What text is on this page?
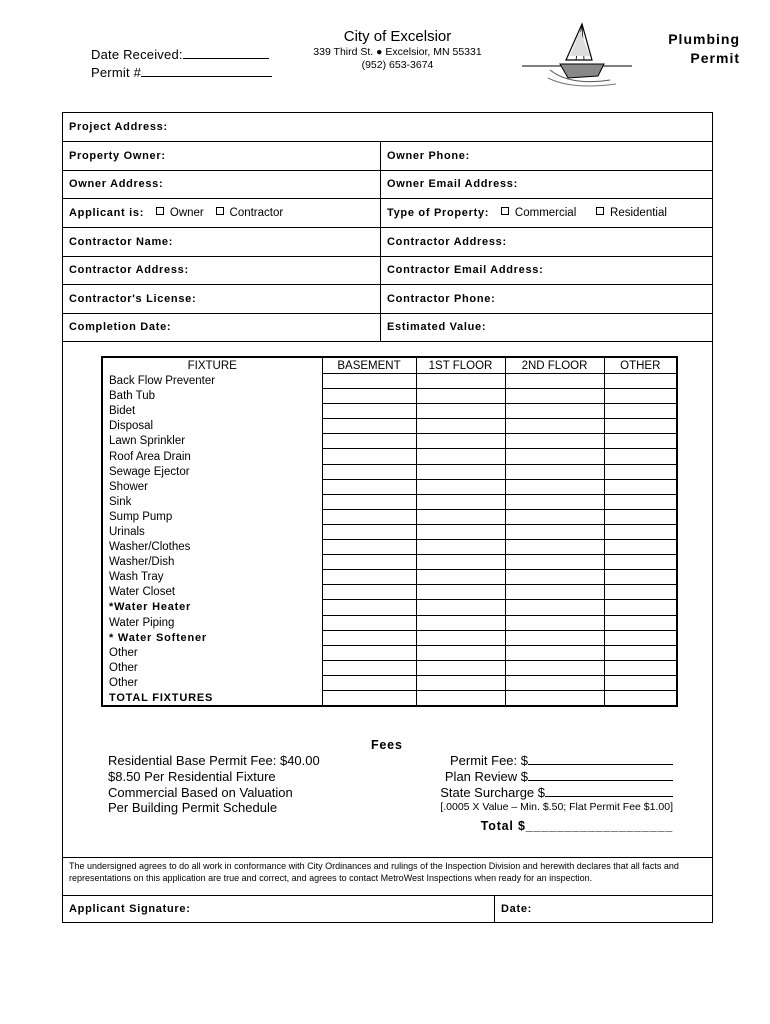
Date Received:
Permit #
City of Excelsior
339 Third St. ● Excelsior, MN 55331
(952) 653-3674
Plumbing
Permit
Project Address:
Property Owner:	Owner Phone:
Owner Address:	Owner Email Address:
Applicant is: Owner Contractor	Type of Property: Commercial	Residential
Contractor Name:	Contractor Address:
Contractor Address:	Contractor Email Address:
Contractor's License:	Contractor Phone:
Completion Date:	Estimated Value:
FIXTURE	BASEMENT	1ST FLOOR	2ND FLOOR	OTHER
Back Flow Preventer				
Bath Tub				
Bidet				
Disposal				
Lawn Sprinkler				
Roof Area Drain				
Sewage Ejector				
Shower				
Sink				
Sump Pump				
Urinals				
Washer/Clothes				
Washer/Dish				
Wash Tray				
Water Closet				
*Water Heater				
Water Piping				
* Water Softener				
Other				
Other				
Other				
TOTAL FIXTURES				
Fees
Residential Base Permit Fee: $40.00
$8.50 Per Residential Fixture
Commercial Based on Valuation
Per Building Permit Schedule
Permit Fee: $
Plan Review $
State Surcharge $
[.0005 X Value – Min. $.50; Flat Permit Fee $1.00]
Total $___________________
The undersigned agrees to do all work in conformance with City Ordinances and rulings of the Inspection Division and herewith declares that all facts and representations on this application are true and correct, and agrees to contact MetroWest Inspections when ready for an inspection.
Applicant Signature:	Date:
